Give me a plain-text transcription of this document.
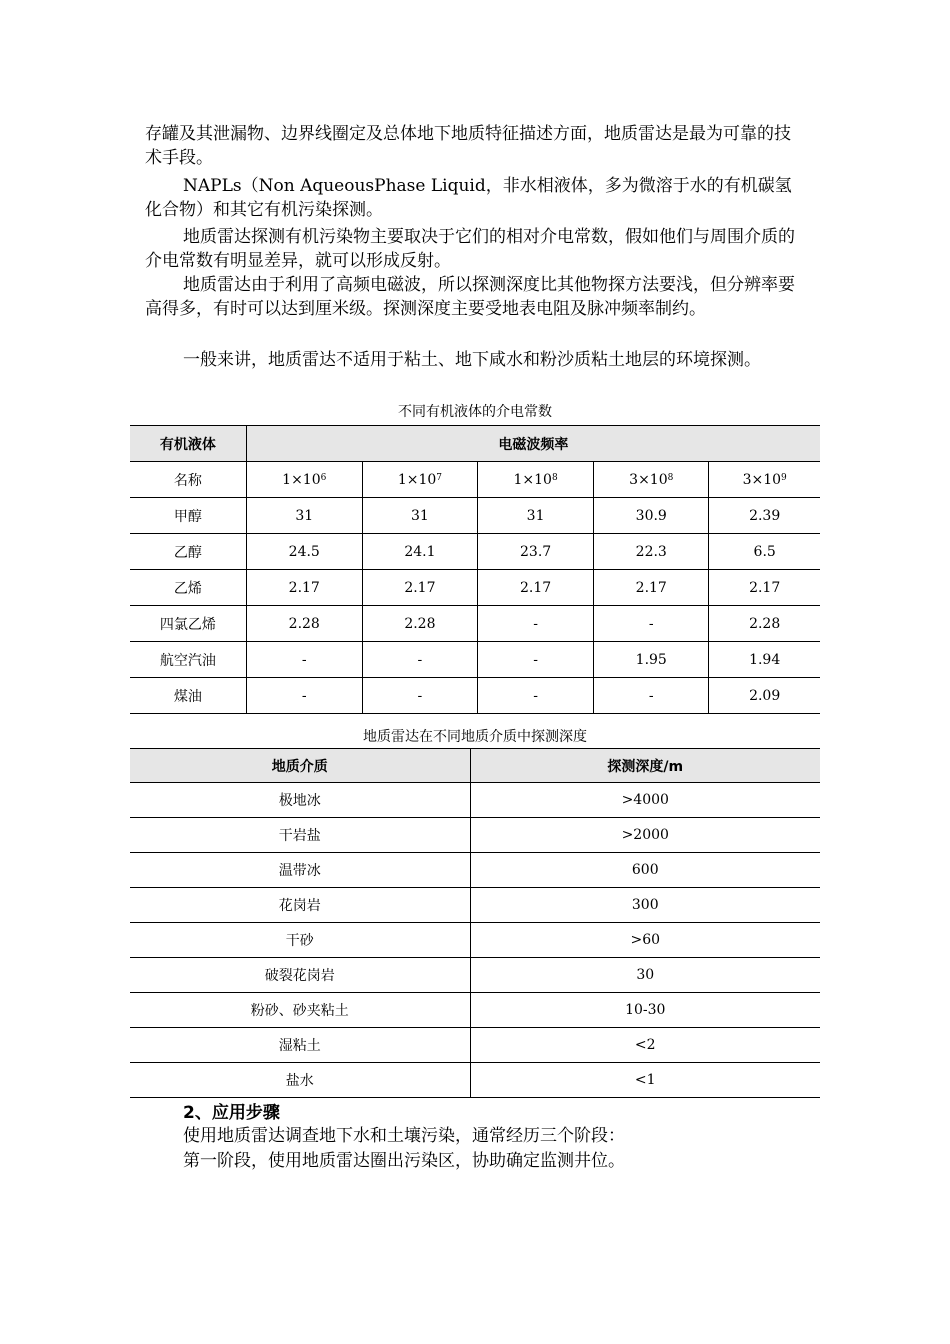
存罐及其泄漏物、边界线圈定及总体地下地质特征描述方面，地质雷达是最为可靠的技术手段。

NAPLs（Non AqueousPhase Liquid，非水相液体，多为微溶于水的有机碳氢化合物）和其它有机污染探测。

地质雷达探测有机污染物主要取决于它们的相对介电常数，假如他们与周围介质的介电常数有明显差异，就可以形成反射。

地质雷达由于利用了高频电磁波，所以探测深度比其他物探方法要浅，但分辨率要高得多，有时可以达到厘米级。探测深度主要受地表电阻及脉冲频率制约。

一般来讲，地质雷达不适用于粘土、地下咸水和粉沙质粘土地层的环境探测。

不同有机液体的介电常数
有机液体	电磁波频率				
名称	$1\times 10^6$	$1\times 10^7$	$1\times 10^8$	$3\times 10^8$	$3\times 10^9$
甲醇	31	31	31	30.9	2.39
乙醇	24.5	24.1	23.7	22.3	6.5
乙烯	2.17	2.17	2.17	2.17	2.17
四氯乙烯	2.28	2.28	-	-	2.28
航空汽油	-	-	-	1.95	1.94
煤油	-	-	-	-	2.09
地质雷达在不同地质介质中探测深度
地质介质	探测深度/m
极地冰	>4000
干岩盐	>2000
温带冰	600
花岗岩	300
干砂	>60
破裂花岗岩	30
粉砂、砂夹粘土	10-30
湿粘土	<2
盐水	<1

2、应用步骤

使用地质雷达调查地下水和土壤污染，通常经历三个阶段：

第一阶段，使用地质雷达圈出污染区，协助确定监测井位。
